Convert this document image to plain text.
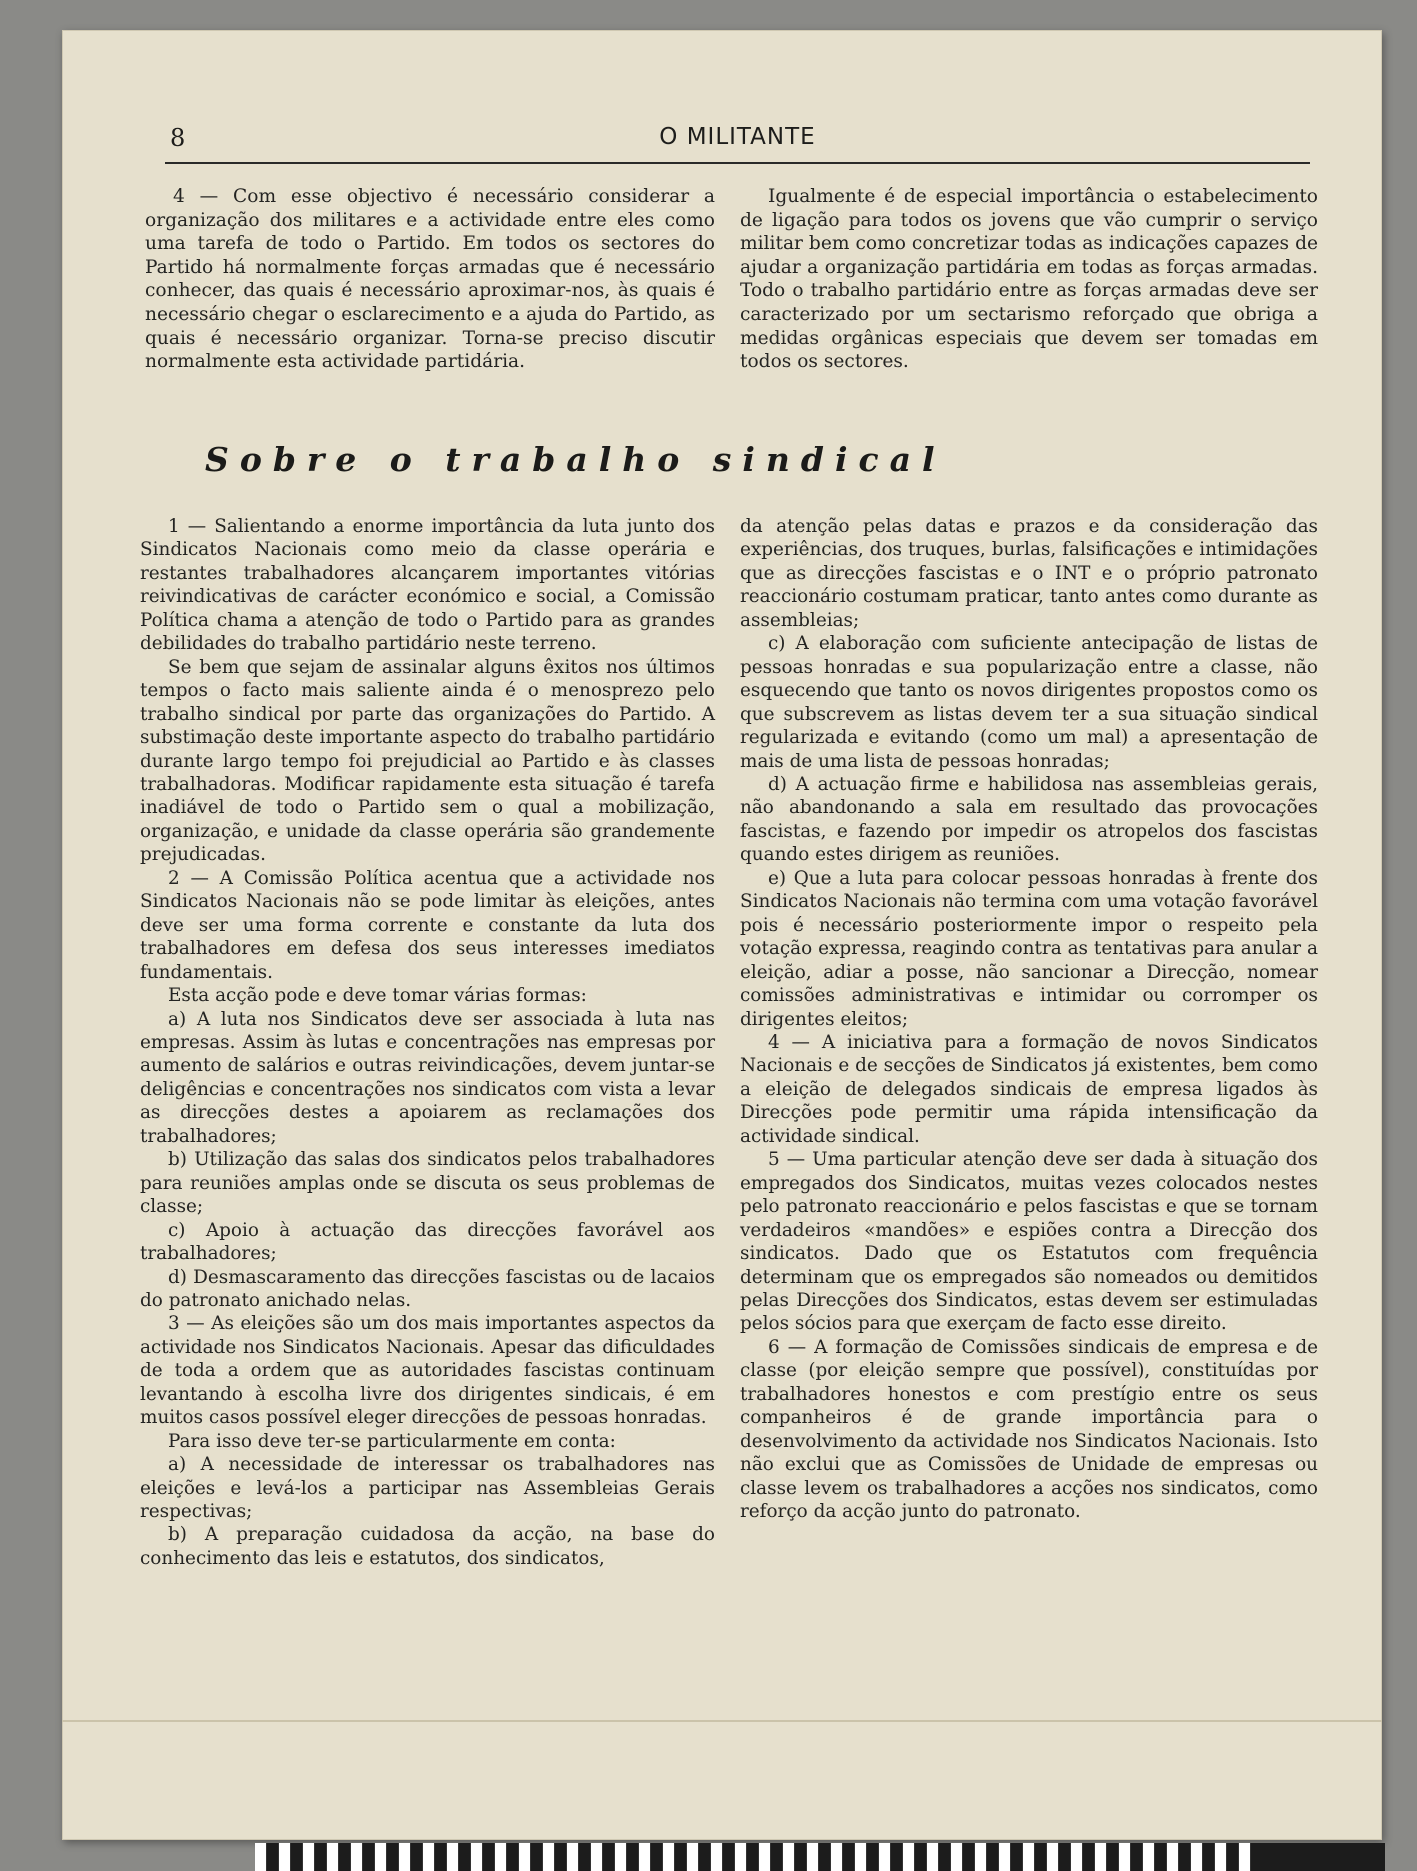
8	O MILITANTE

4 — Com esse objectivo é necessário considerar a organização dos militares e a actividade entre eles como uma tarefa de todo o Partido. Em todos os sectores do Partido há normalmente forças armadas que é necessário conhecer, das quais é necessário aproximar-nos, às quais é necessário chegar o esclarecimento e a ajuda do Partido, as quais é necessário organizar. Torna-se preciso discutir normalmente esta actividade partidária.

Igualmente é de especial importância o estabelecimento de ligação para todos os jovens que vão cumprir o serviço militar bem como concretizar todas as indicações capazes de ajudar a organização partidária em todas as forças armadas. Todo o trabalho partidário entre as forças armadas deve ser caracterizado por um sectarismo reforçado que obriga a medidas orgânicas especiais que devem ser tomadas em todos os sectores.

Sobre o trabalho sindical

1 — Salientando a enorme importância da luta junto dos Sindicatos Nacionais como meio da classe operária e restantes trabalhadores alcançarem importantes vitórias reivindicativas de carácter económico e social, a Comissão Política chama a atenção de todo o Partido para as grandes debilidades do trabalho partidário neste terreno.

Se bem que sejam de assinalar alguns êxitos nos últimos tempos o facto mais saliente ainda é o menosprezo pelo trabalho sindical por parte das organizações do Partido. A substimação deste importante aspecto do trabalho partidário durante largo tempo foi prejudicial ao Partido e às classes trabalhadoras. Modificar rapidamente esta situação é tarefa inadiável de todo o Partido sem o qual a mobilização, organização, e unidade da classe operária são grandemente prejudicadas.

2 — A Comissão Política acentua que a actividade nos Sindicatos Nacionais não se pode limitar às eleições, antes deve ser uma forma corrente e constante da luta dos trabalhadores em defesa dos seus interesses imediatos fundamentais.

Esta acção pode e deve tomar várias formas:

a) A luta nos Sindicatos deve ser associada à luta nas empresas. Assim às lutas e concentrações nas empresas por aumento de salários e outras reivindicações, devem juntar-se deligências e concentrações nos sindicatos com vista a levar as direcções destes a apoiarem as reclamações dos trabalhadores;

b) Utilização das salas dos sindicatos pelos trabalhadores para reuniões amplas onde se discuta os seus problemas de classe;

c) Apoio à actuação das direcções favorável aos trabalhadores;

d) Desmascaramento das direcções fascistas ou de lacaios do patronato anichado nelas.

3 — As eleições são um dos mais importantes aspectos da actividade nos Sindicatos Nacionais. Apesar das dificuldades de toda a ordem que as autoridades fascistas continuam levantando à escolha livre dos dirigentes sindicais, é em muitos casos possível eleger direcções de pessoas honradas.

Para isso deve ter-se particularmente em conta:

a) A necessidade de interessar os trabalhadores nas eleições e levá-los a participar nas Assembleias Gerais respectivas;

b) A preparação cuidadosa da acção, na base do conhecimento das leis e estatutos, dos sindicatos,

da atenção pelas datas e prazos e da consideração das experiências, dos truques, burlas, falsificações e intimidações que as direcções fascistas e o INT e o próprio patronato reaccionário costumam praticar, tanto antes como durante as assembleias;

c) A elaboração com suficiente antecipação de listas de pessoas honradas e sua popularização entre a classe, não esquecendo que tanto os novos dirigentes propostos como os que subscrevem as listas devem ter a sua situação sindical regularizada e evitando (como um mal) a apresentação de mais de uma lista de pessoas honradas;

d) A actuação firme e habilidosa nas assembleias gerais, não abandonando a sala em resultado das provocações fascistas, e fazendo por impedir os atropelos dos fascistas quando estes dirigem as reuniões.

e) Que a luta para colocar pessoas honradas à frente dos Sindicatos Nacionais não termina com uma votação favorável pois é necessário posteriormente impor o respeito pela votação expressa, reagindo contra as tentativas para anular a eleição, adiar a posse, não sancionar a Direcção, nomear comissões administrativas e intimidar ou corromper os dirigentes eleitos;

4 — A iniciativa para a formação de novos Sindicatos Nacionais e de secções de Sindicatos já existentes, bem como a eleição de delegados sindicais de empresa ligados às Direcções pode permitir uma rápida intensificação da actividade sindical.

5 — Uma particular atenção deve ser dada à situação dos empregados dos Sindicatos, muitas vezes colocados nestes pelo patronato reaccionário e pelos fascistas e que se tornam verdadeiros «mandões» e espiões contra a Direcção dos sindicatos. Dado que os Estatutos com frequência determinam que os empregados são nomeados ou demitidos pelas Direcções dos Sindicatos, estas devem ser estimuladas pelos sócios para que exerçam de facto esse direito.

6 — A formação de Comissões sindicais de empresa e de classe (por eleição sempre que possível), constituídas por trabalhadores honestos e com prestígio entre os seus companheiros é de grande importância para o desenvolvimento da actividade nos Sindicatos Nacionais. Isto não exclui que as Comissões de Unidade de empresas ou classe levem os trabalhadores a acções nos sindicatos, como reforço da acção junto do patronato.
